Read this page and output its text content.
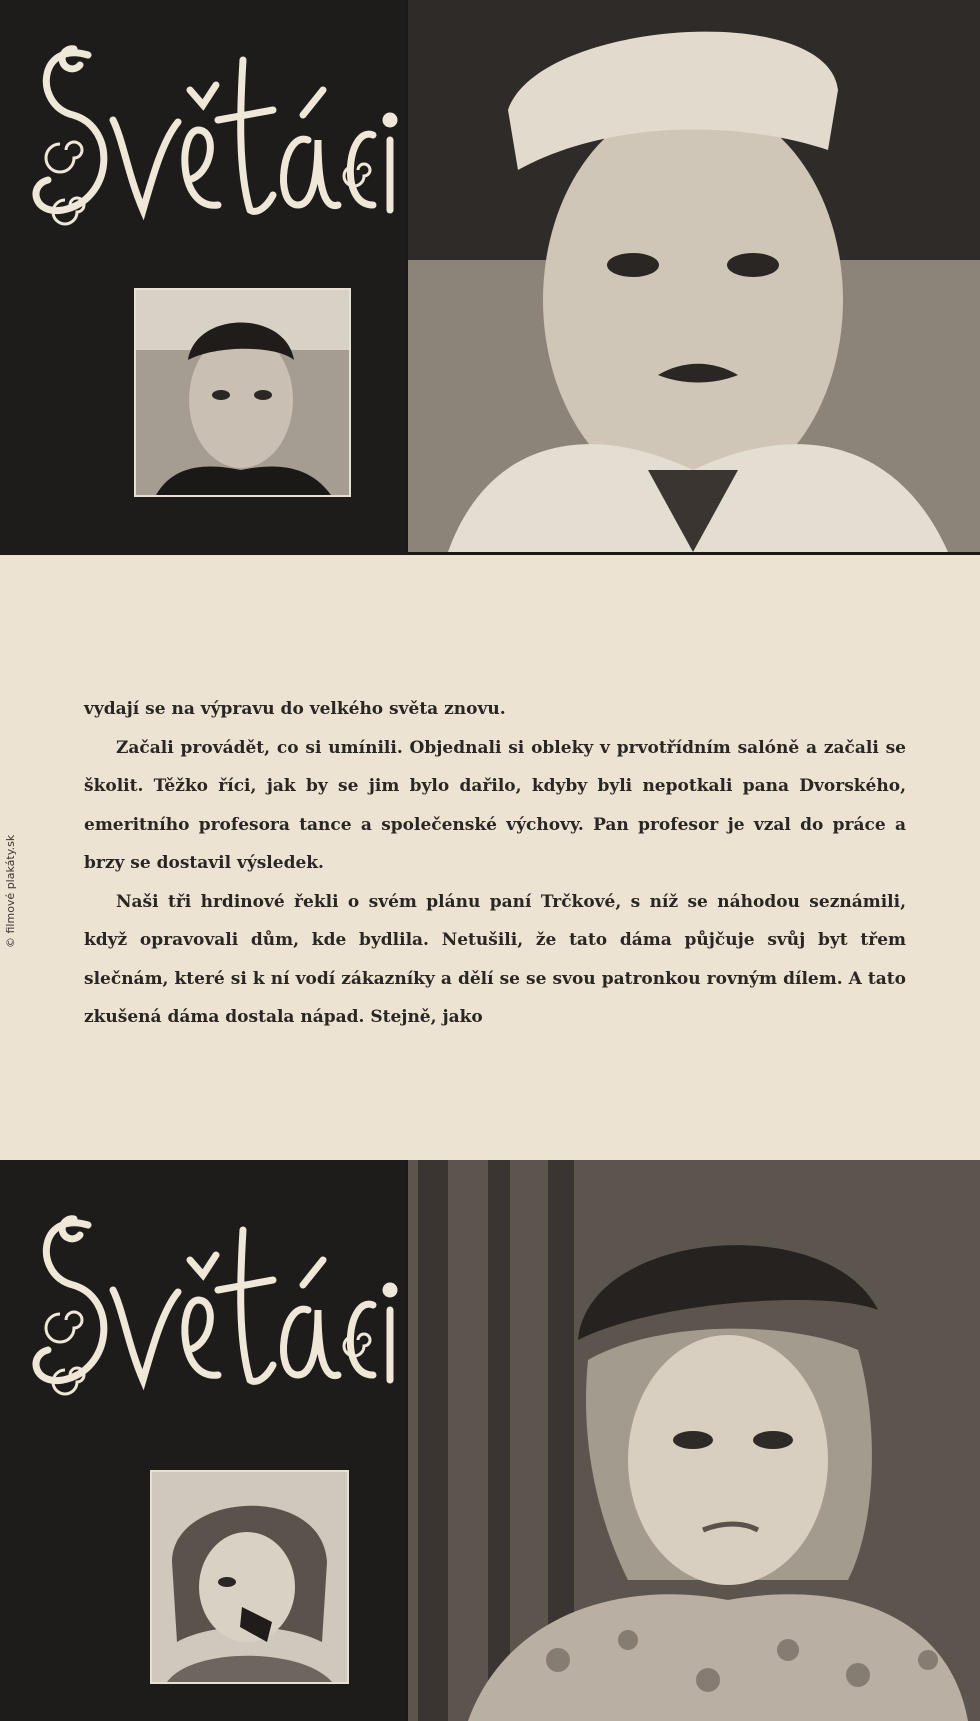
vydají se na výpravu do velkého světa znovu.

Začali provádět, co si umínili. Objednali si obleky v prvotřídním salóně a začali se školit. Těžko říci, jak by se jim bylo dařilo, kdyby byli nepotkali pana Dvorského, emeritního profesora tance a společenské výchovy. Pan profesor je vzal do práce a brzy se dostavil výsledek.

Naši tři hrdinové řekli o svém plánu paní Trčkové, s níž se náhodou seznámili, když opravovali dům, kde bydlila. Netušili, že tato dáma půjčuje svůj byt třem slečnám, které si k ní vodí zákazníky a dělí se se svou patronkou rovným dílem. A tato zkušená dáma dostala nápad. Stejně, jako

© filmové plakáty.sk
